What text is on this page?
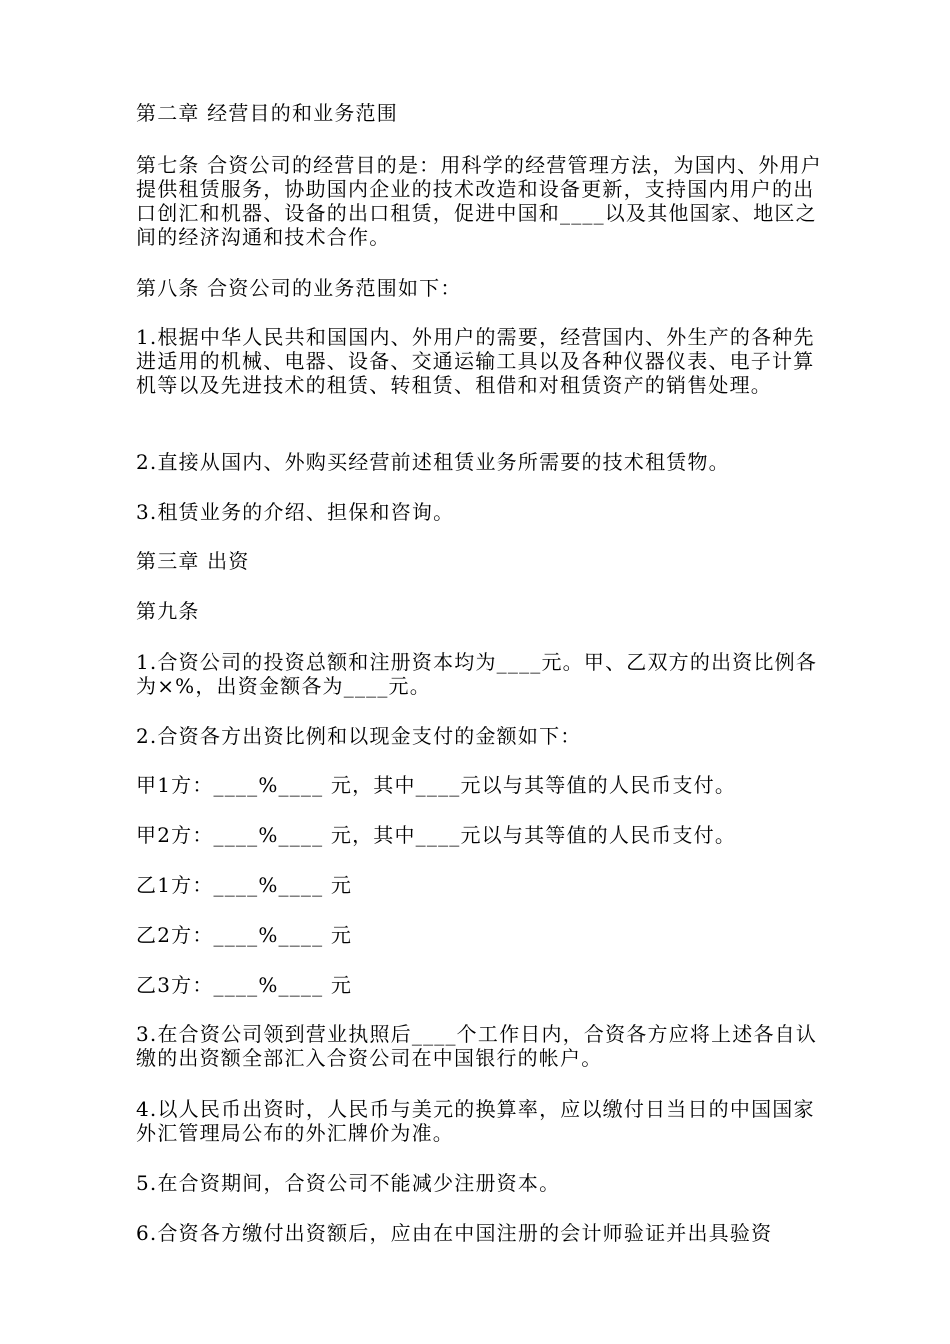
第二章 经营目的和业务范围

第七条 合资公司的经营目的是：用科学的经营管理方法，为国内、外用户提供租赁服务，协助国内企业的技术改造和设备更新，支持国内用户的出口创汇和机器、设备的出口租赁，促进中国和____以及其他国家、地区之间的经济沟通和技术合作。

第八条 合资公司的业务范围如下：

1.根据中华人民共和国国内、外用户的需要，经营国内、外生产的各种先进适用的机械、电器、设备、交通运输工具以及各种仪器仪表、电子计算机等以及先进技术的租赁、转租赁、租借和对租赁资产的销售处理。

2.直接从国内、外购买经营前述租赁业务所需要的技术租赁物。

3.租赁业务的介绍、担保和咨询。

第三章 出资

第九条

1.合资公司的投资总额和注册资本均为____元。甲、乙双方的出资比例各为×%，出资金额各为____元。

2.合资各方出资比例和以现金支付的金额如下：

甲1方：____%____ 元，其中____元以与其等值的人民币支付。

甲2方：____%____ 元，其中____元以与其等值的人民币支付。

乙1方：____%____ 元

乙2方：____%____ 元

乙3方：____%____ 元

3.在合资公司领到营业执照后____个工作日内，合资各方应将上述各自认缴的出资额全部汇入合资公司在中国银行的帐户。

4.以人民币出资时，人民币与美元的换算率，应以缴付日当日的中国国家外汇管理局公布的外汇牌价为准。

5.在合资期间，合资公司不能减少注册资本。

6.合资各方缴付出资额后，应由在中国注册的会计师验证并出具验资
